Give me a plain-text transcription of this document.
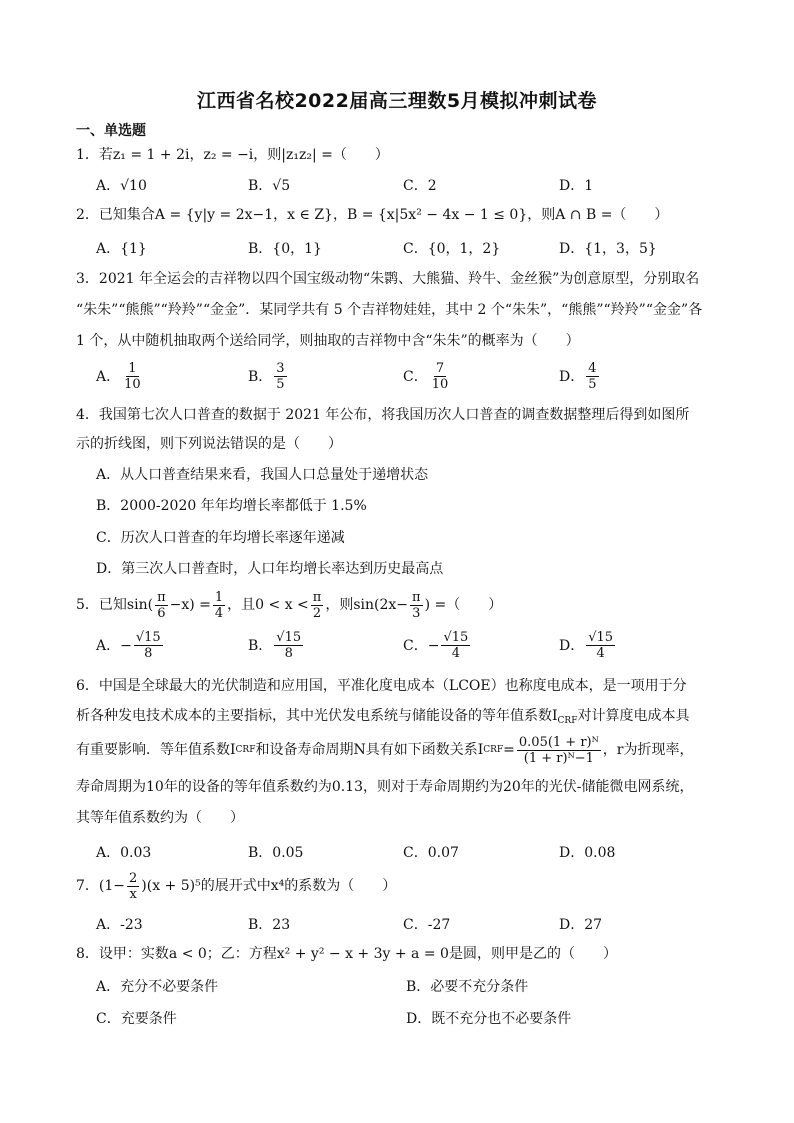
江西省名校2022届高三理数5月模拟冲刺试卷
一、单选题
1．若z₁ = 1 + 2i，z₂ = −i，则|z₁z₂| =（　　）
A．√10	B．√5	C．2	D．1
2．已知集合A = {y|y = 2x−1，x ∈ Z}，B = {x|5x² − 4x − 1 ≤ 0}，则A ∩ B =（　　）
A．{1}	B．{0，1}	C．{0，1，2}	D．{1，3，5}
3．2021 年全运会的吉祥物以四个国宝级动物“朱鹮、大熊猫、羚牛、金丝猴”为创意原型，分别取名
“朱朱”“熊熊”“羚羚”“金金”．某同学共有 5 个吉祥物娃娃，其中 2 个“朱朱”，“熊熊”“羚羚”“金金”各
1 个，从中随机抽取两个送给同学，则抽取的吉祥物中含“朱朱”的概率为（　　）
A． $\frac{1}{10}$	B． $\frac{3}{5}$	C． $\frac{7}{10}$	D． $\frac{4}{5}$
4．我国第七次人口普查的数据于 2021 年公布，将我国历次人口普查的调查数据整理后得到如图所
示的折线图，则下列说法错误的是（　　）
A．从人口普查结果来看，我国人口总量处于递增状态
B．2000-2020 年年均增长率都低于 1.5%
C．历次人口普查的年均增长率逐年递减
D．第三次人口普查时，人口年均增长率达到历史最高点
5．已知$\sin( \frac{\pi}{6} -x) = \frac{1}{4}$ ，且$0 < x < \frac{\pi}{2}$ ，则$\sin(2x- \frac{\pi}{3}$ ) =（　　）
A．− $\frac{√15}{8}$	B． $\frac{√15}{8}$	C．− $\frac{√15}{4}$	D． $\frac{√15}{4}$
6．中国是全球最大的光伏制造和应用国，平准化度电成本（LCOE）也称度电成本，是一项用于分
析各种发电技术成本的主要指标，其中光伏发电系统与储能设备的等年值系数$I_{CRF}$对计算度电成本具
有重要影响．等年值系数I CRF 和设备寿命周期N具有如下函数关系I CRF = $\frac{\text{0.05(1 + r)ᴺ}}{\text{(1 + r)ᴺ−1}}$ ，r为折现率，
寿命周期为10年的设备的等年值系数约为0.13，则对于寿命周期约为20年的光伏-储能微电网系统，
其等年值系数约为（　　）
A．0.03	B．0.05	C．0.07	D．0.08
7．$(1- \frac{2}{x} )(x + 5)^5$的展开式中x⁴的系数为（　　）
A．-23	B．23	C．-27	D．27
8．设甲：实数a < 0；乙：方程x² + y² − x + 3y + a = 0是圆，则甲是乙的（　　）
A．充分不必要条件	B．必要不充分条件
C．充要条件	D．既不充分也不必要条件
